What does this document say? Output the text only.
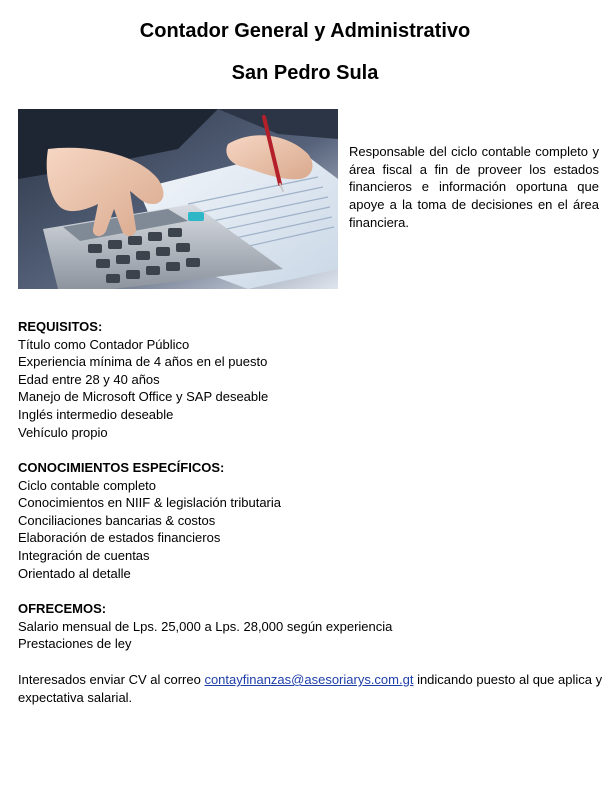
Contador General y Administrativo
San Pedro Sula

Responsable del ciclo contable completo y área fiscal a fin de proveer los estados financieros e información oportuna que apoye a la toma de decisiones en el área financiera.

REQUISITOS:
Título como Contador Público
Experiencia mínima de 4 años en el puesto
Edad entre 28 y 40 años
Manejo de Microsoft Office y SAP deseable
Inglés intermedio deseable
Vehículo propio
CONOCIMIENTOS ESPECÍFICOS:
Ciclo contable completo
Conocimientos en NIIF & legislación tributaria
Conciliaciones bancarias & costos
Elaboración de estados financieros
Integración de cuentas
Orientado al detalle
OFRECEMOS:
Salario mensual de Lps. 25,000 a Lps. 28,000 según experiencia
Prestaciones de ley

Interesados enviar CV al correo contayfinanzas@asesoriarys.com.gt indicando puesto al que aplica y expectativa salarial.
